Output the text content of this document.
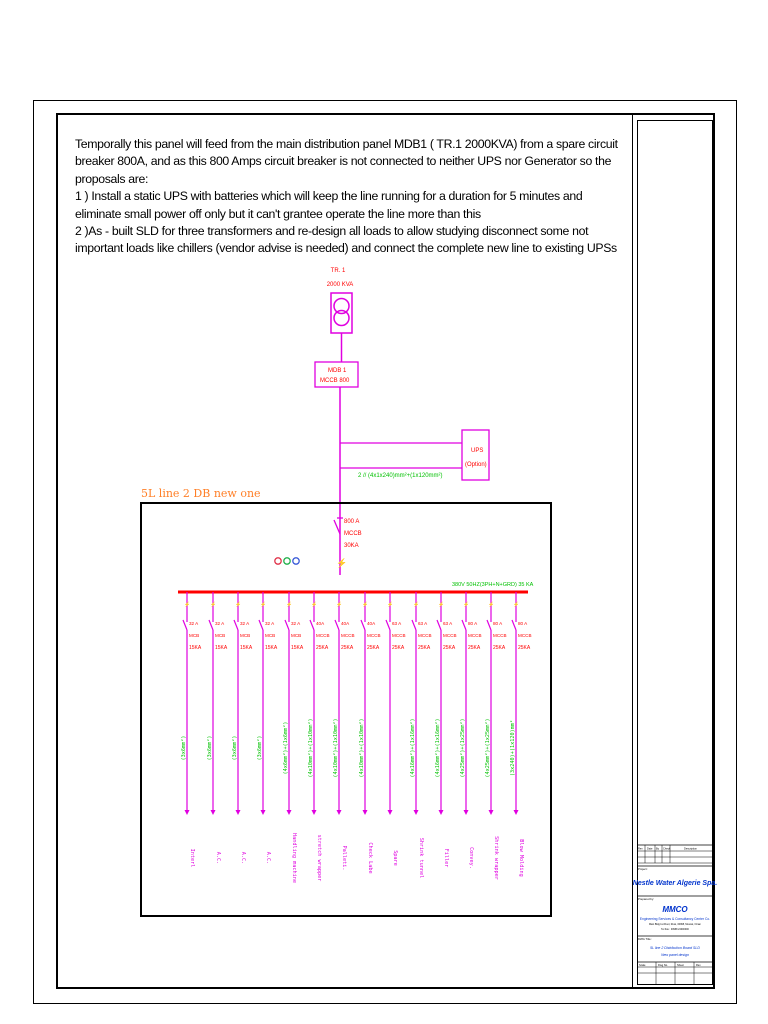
Temporally this panel will feed from the main distribution panel MDB1 ( TR.1 2000KVA) from a spare circuit breaker 800A, and as this 800 Amps circuit breaker is not connected to neither UPS nor Generator so the proposals are:

1 ) Install a static UPS with batteries which will keep the line running for a duration for 5 minutes and eliminate small power off only but it can't grantee operate the line more than this

2 )As - built SLD for three transformers and re-design all loads to allow studying disconnect some not important loads like chillers (vendor advise is needed) and connect the complete new line to existing UPSs

TR. 1
2000 KVA
MDB 1
MCCB 800
UPS
(Option)
2 // (4x1x240)mm²+(1x120mm²)
5L line 2 DB new one
800 A
MCCB
30KA
⚡
380V 50HZ(3PH+N+GRD) 35 KA
⚡
32 A
MCB
15KA
(3x6mm²)
Interl
⚡
32 A
MCB
15KA
(3x6mm²)
A.C.
⚡
32 A
MCB
15KA
(3x6mm²)
A.C.
⚡
32 A
MCB
15KA
(3x6mm²)
A.C.
⚡
32 A
MCB
15KA
(4x6mm²)+(1x6mm²)
Handling machine
⚡
40A
MCCB
25KA
(4x10mm²)+(1x10mm²)
stretch wrapper
⚡
40A
MCCB
25KA
(4x10mm²)+(1x10mm²)
Palleti.
⚡
40A
MCCB
25KA
(4x10mm²)+(1x10mm²)
Check Labe
⚡
63 A
MCCB
25KA
Spare
⚡
63 A
MCCB
25KA
(4x16mm²)+(1x16mm²)
Shrink tunnel
⚡
63 A
MCCB
25KA
(4x16mm²)+(1x16mm²)
Filler
⚡
80 A
MCCB
25KA
(4x25mm²)+(1x25mm²)
Convey.
⚡
80 A
MCCB
25KA
(4x25mm²)+(1x25mm²)
Shrink wrapper
⚡
80 A
MCCB
25KA
(3x240)+(1x120)mm²
Blow Molding	Rev Date By Check	Description
Project:
Nestle Water Algerie Spa.
Prepared by:
MMCO
Engineering Services & Consultancy Center Co.
Main Bldg 1st Floor, Ruwi, 00968, Muscat, Oman
Tel Fax : 00968 24000000
DWG Title:
5L line 2 Distribution Board SLD
New panel design
Scale	Dwg No.	Sheet	Rev
